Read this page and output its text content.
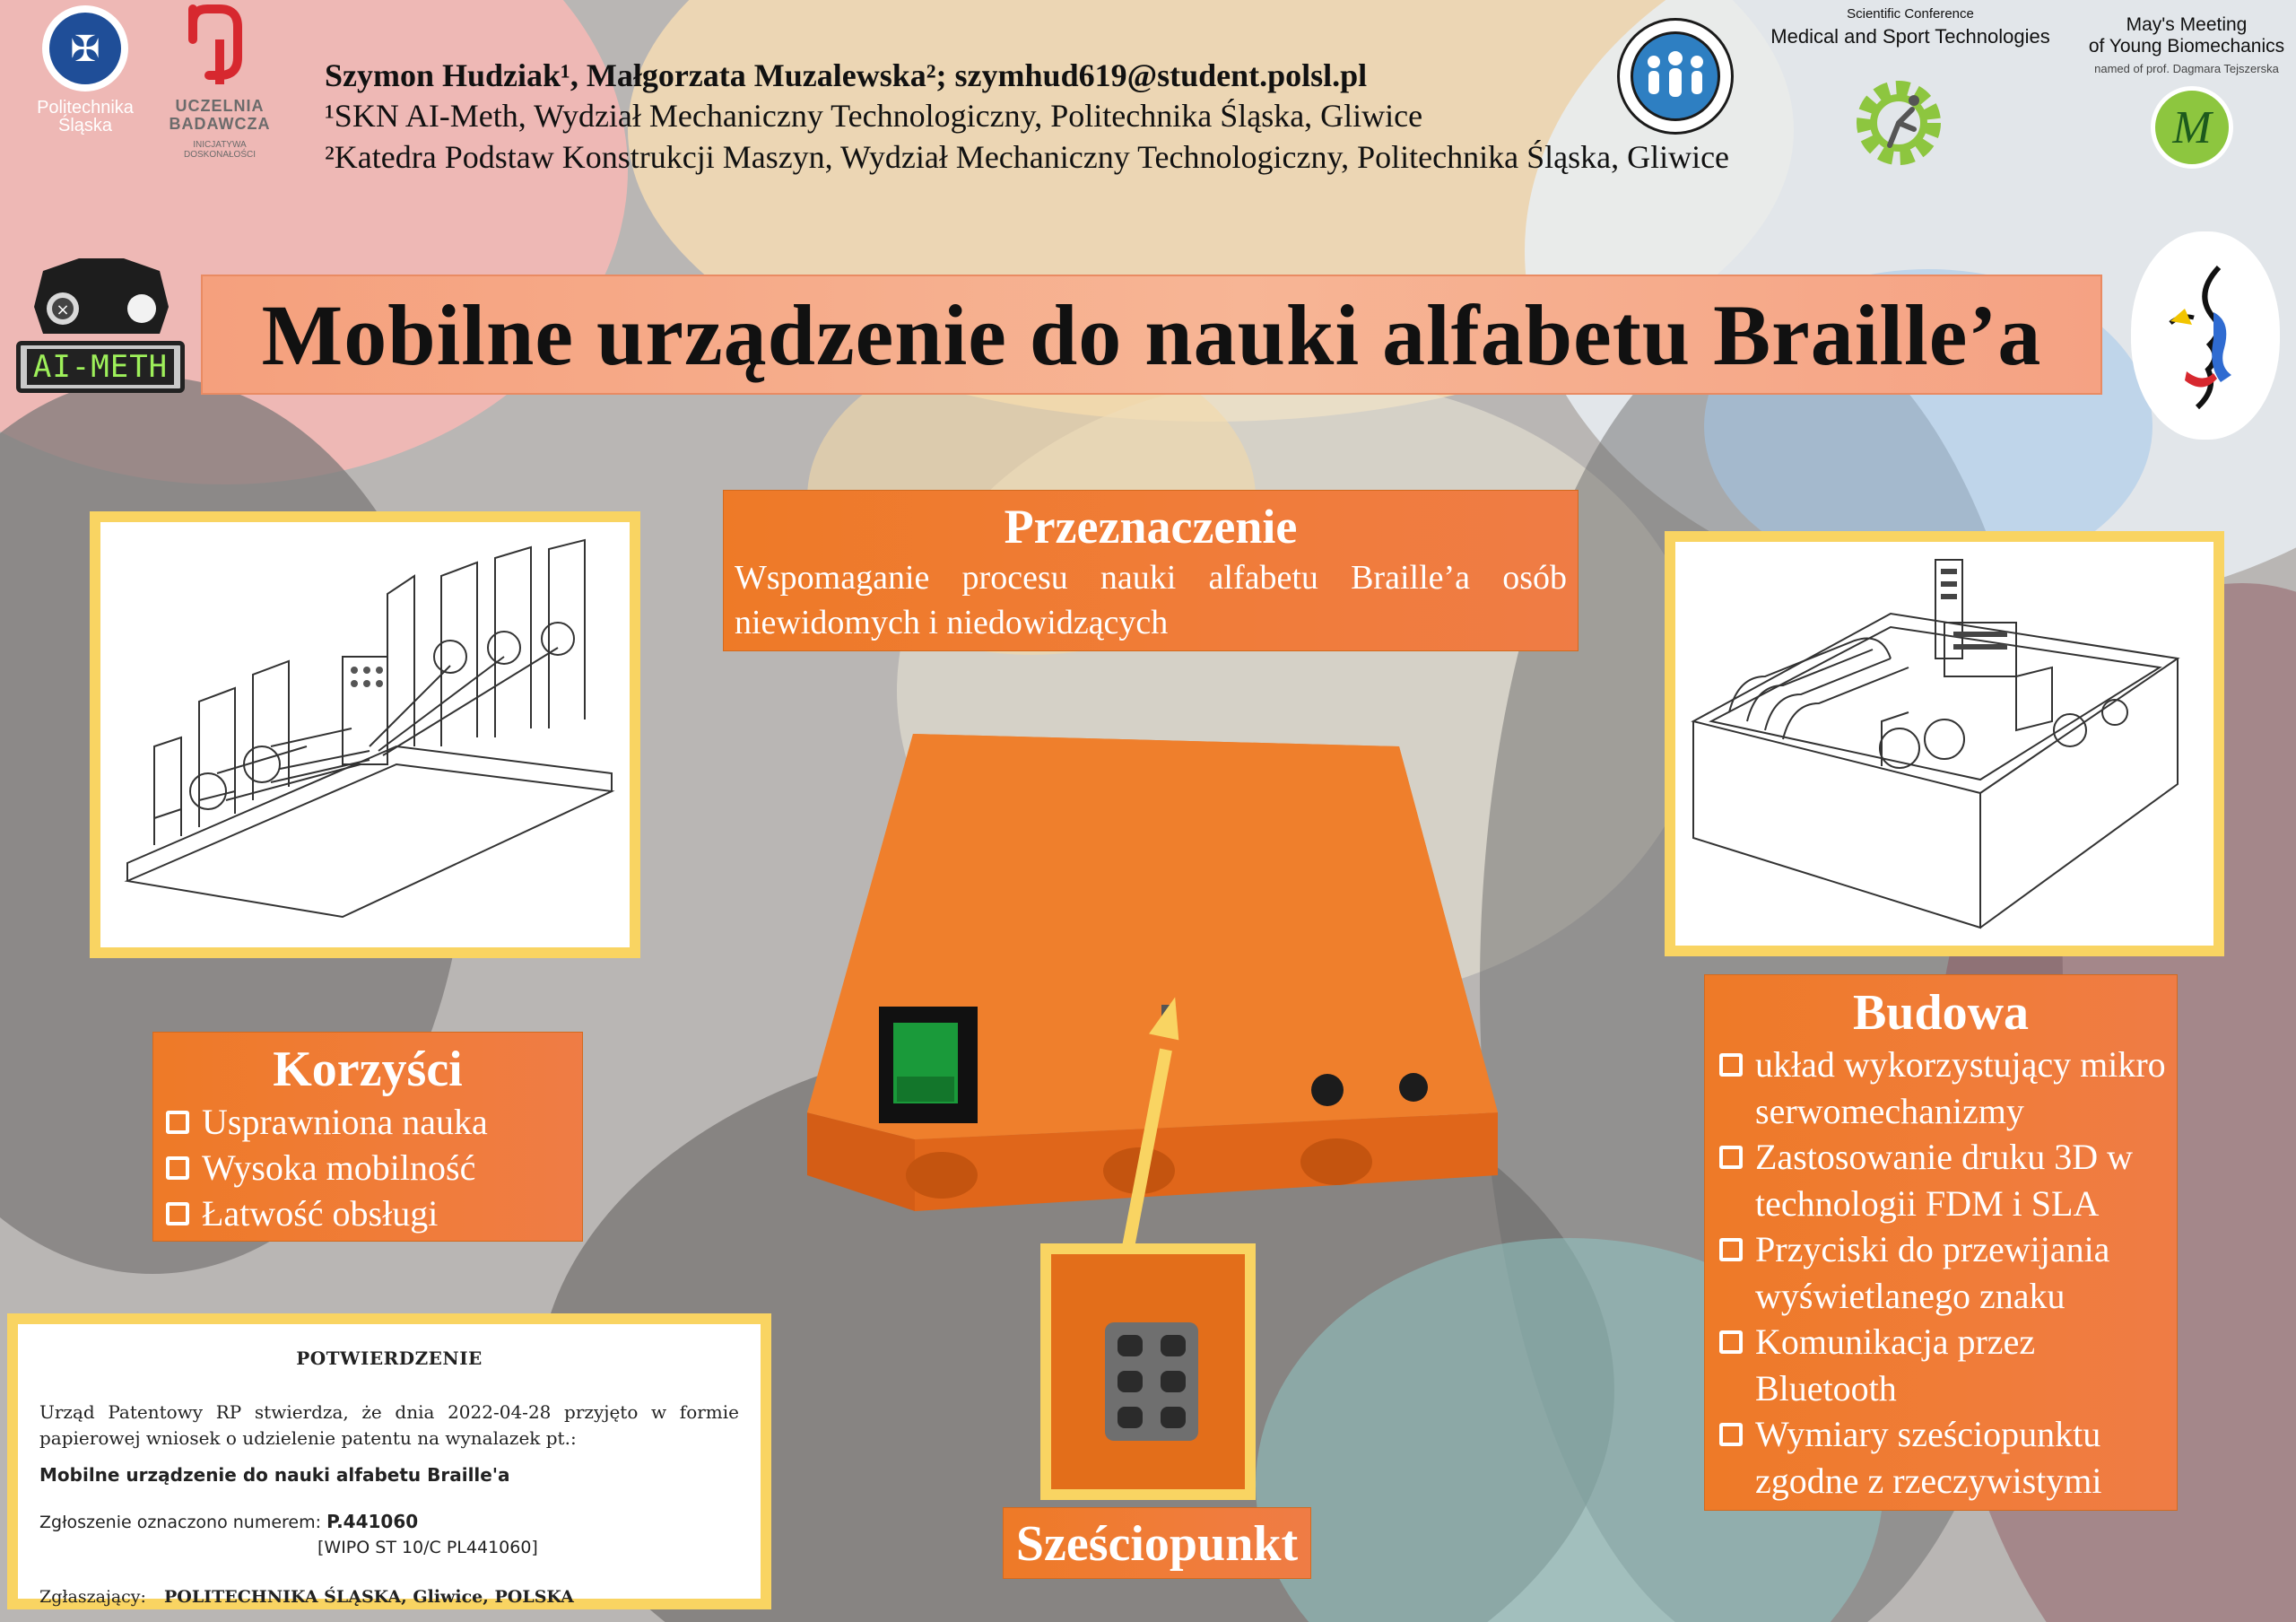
✠
Politechnika
Śląska
UCZELNIA
BADAWCZA
INICJATYWA DOSKONAŁOŚCI
Szymon Hudziak¹, Małgorzata Muzalewska²; szymhud619@student.polsl.pl
¹SKN AI-Meth, Wydział Mechaniczny Technologiczny, Politechnika Śląska, Gliwice
²Katedra Podstaw Konstrukcji Maszyn, Wydział Mechaniczny Technologiczny, Politechnika Śląska, Gliwice
Scientific Conference
Medical and Sport Technologies
May's Meeting
of Young Biomechanics
named of prof. Dagmara Tejszerska
M
×
AI-METH Mobilne urządzenie do nauki alfabetu Braille’a
Przeznaczenie

Wspomaganie procesu nauki alfabetu Braille’a osób niewidomych i niedowidzących

Korzyści
Usprawniona nauka
Wysoka mobilność
Łatwość obsługi
Budowa
układ wykorzystujący mikro serwomechanizmy
Zastosowanie druku 3D w technologii FDM i SLA
Przyciski do przewijania wyświetlanego znaku
Komunikacja przez Bluetooth
Wymiary sześciopunktu zgodne z rzeczywistymi
Sześciopunkt
POTWIERDZENIE
Urząd Patentowy RP stwierdza, że dnia 2022-04-28 przyjęto w formie papierowej wniosek o udzielenie patentu na wynalazek pt.:
Mobilne urządzenie do nauki alfabetu Braille'a
Zgłoszenie oznaczono numerem: P.441060
[WIPO ST 10/C PL441060]
Zgłaszający: POLITECHNIKA ŚLĄSKA, Gliwice, POLSKA
